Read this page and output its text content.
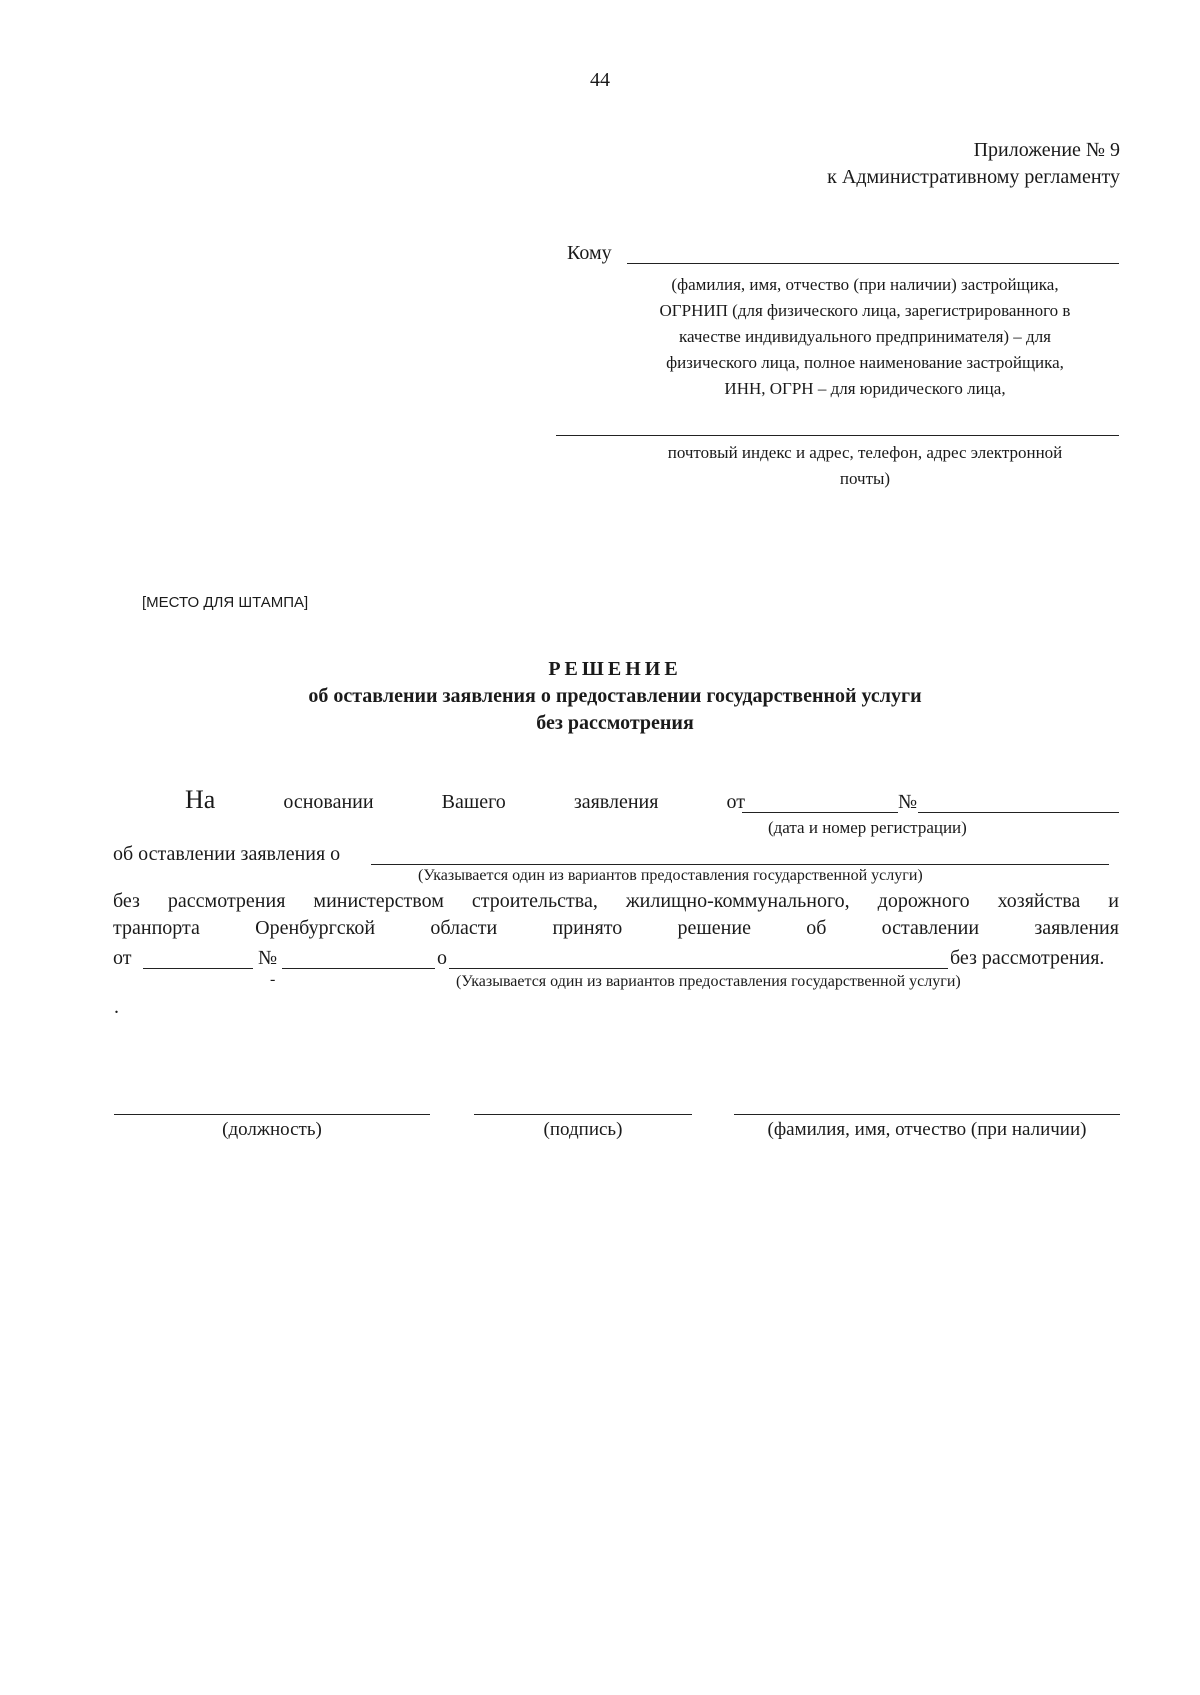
44
Приложение № 9
к Административному регламенту
Кому
(фамилия, имя, отчество (при наличии) застройщика,
ОГРНИП (для физического лица, зарегистрированного в
качестве индивидуального предпринимателя) – для
физического лица, полное наименование застройщика,
ИНН, ОГРН – для юридического лица,
почтовый индекс и адрес, телефон, адрес электронной
почты)
[МЕСТО ДЛЯ ШТАМПА]
РЕШЕНИЕ
об оставлении заявления о предоставлении государственной услуги
без рассмотрения
На	основании	Вашего	заявления	от	№
(дата и номер регистрации)
об оставлении заявления о
(Указывается один из вариантов предоставления государственной услуги)
без рассмотрения министерством строительства, жилищно-коммунального, дорожного хозяйства и
транпорта	Оренбургской	области	принято	решение	об	оставлении	заявления
от	№	о	без рассмотрения.
-	(Указывается один из вариантов предоставления государственной услуги)
.
(должность)	(подпись)	(фамилия, имя, отчество (при наличии)
